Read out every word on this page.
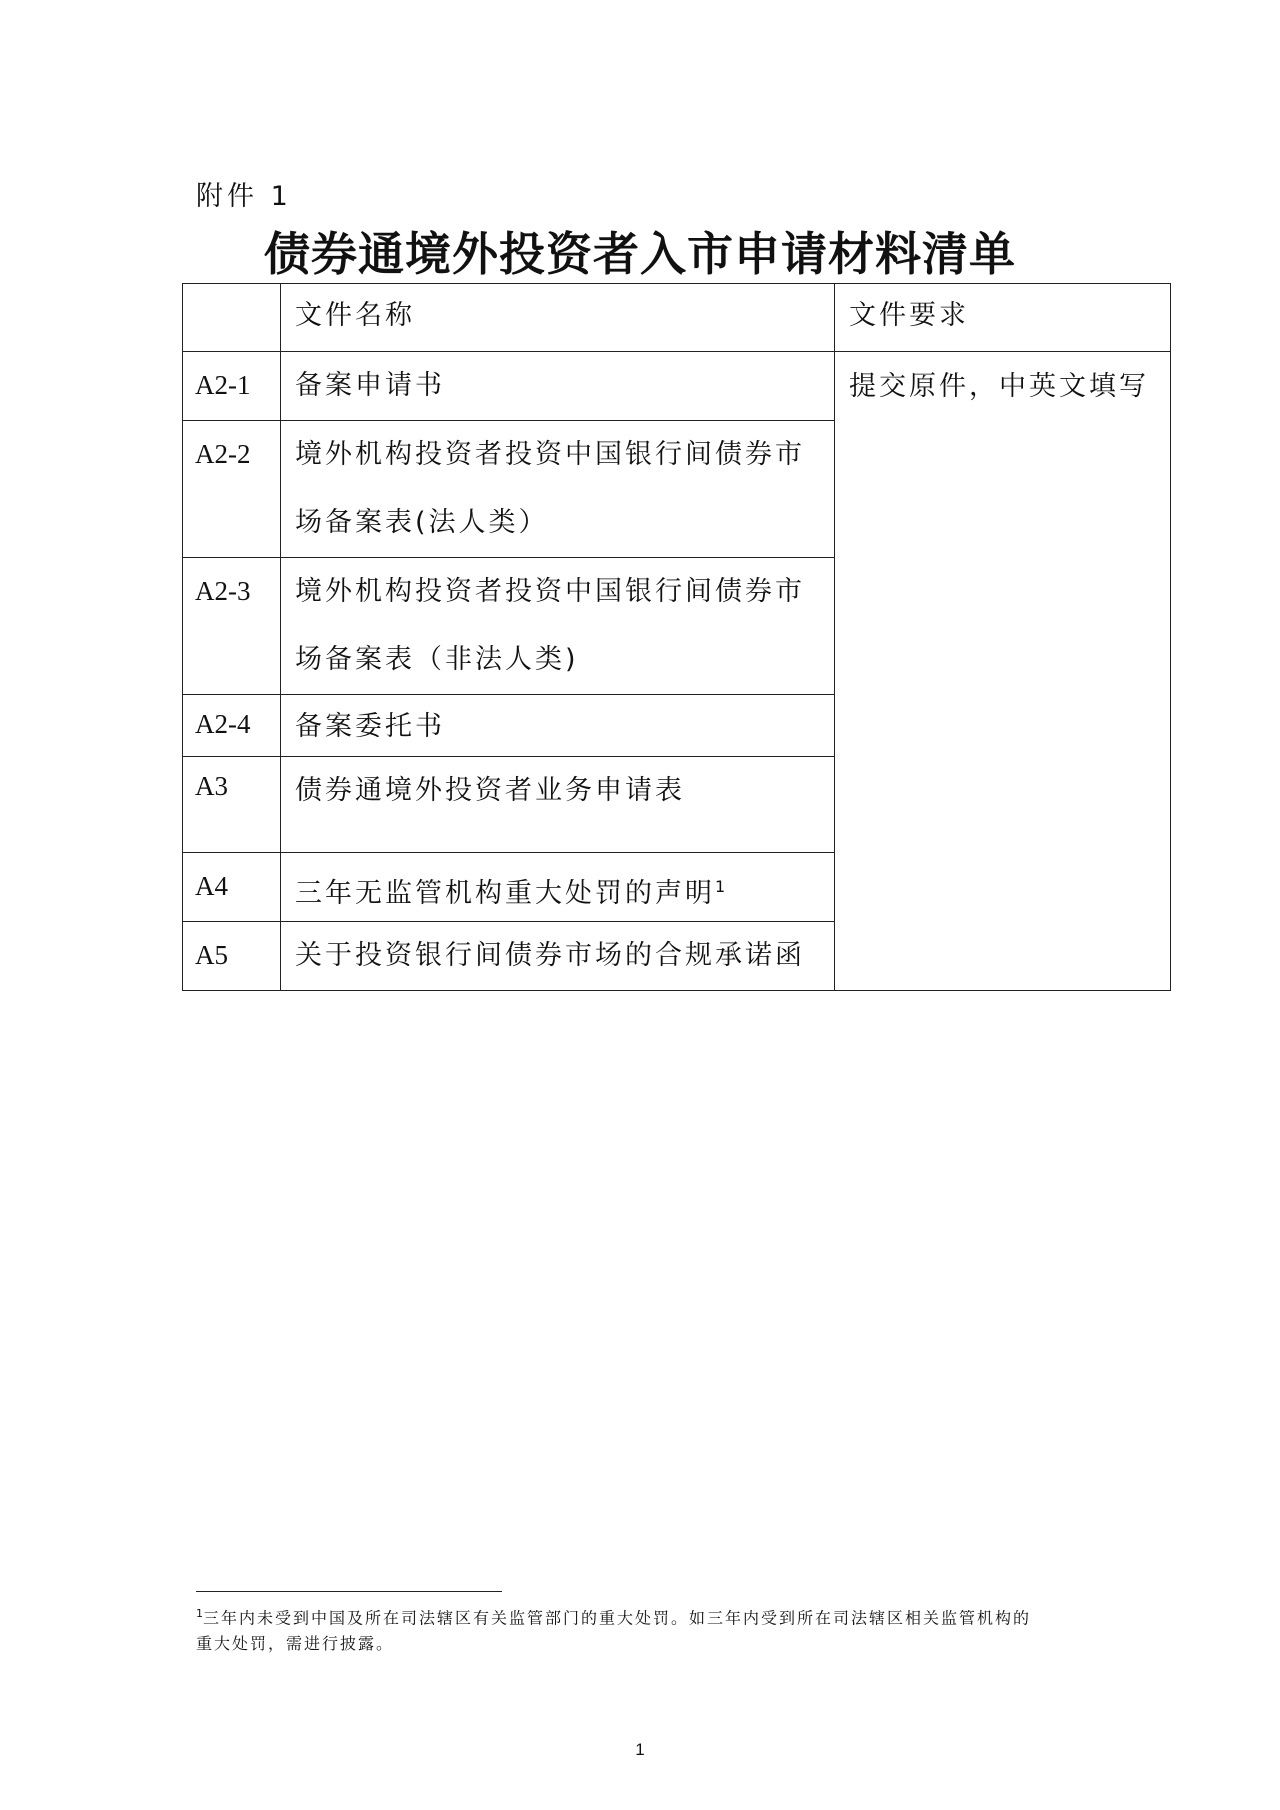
附件 1
债券通境外投资者入市申请材料清单

	文件名称	文件要求

A2-1	备案申请书	提交原件，中英文填写

A2-2	境外机构投资者投资中国银行间债券市
场备案表(法人类）	

A2-3	境外机构投资者投资中国银行间债券市
场备案表（非法人类)	

A2-4	备案委托书	

A3	债券通境外投资者业务申请表	

A4	三年无监管机构重大处罚的声明$^1$

A5	关于投资银行间债券市场的合规承诺函	
$^1$三年内未受到中国及所在司法辖区有关监管部门的重大处罚。如三年内受到所在司法辖区相关监管机构的
重大处罚，需进行披露。
1
